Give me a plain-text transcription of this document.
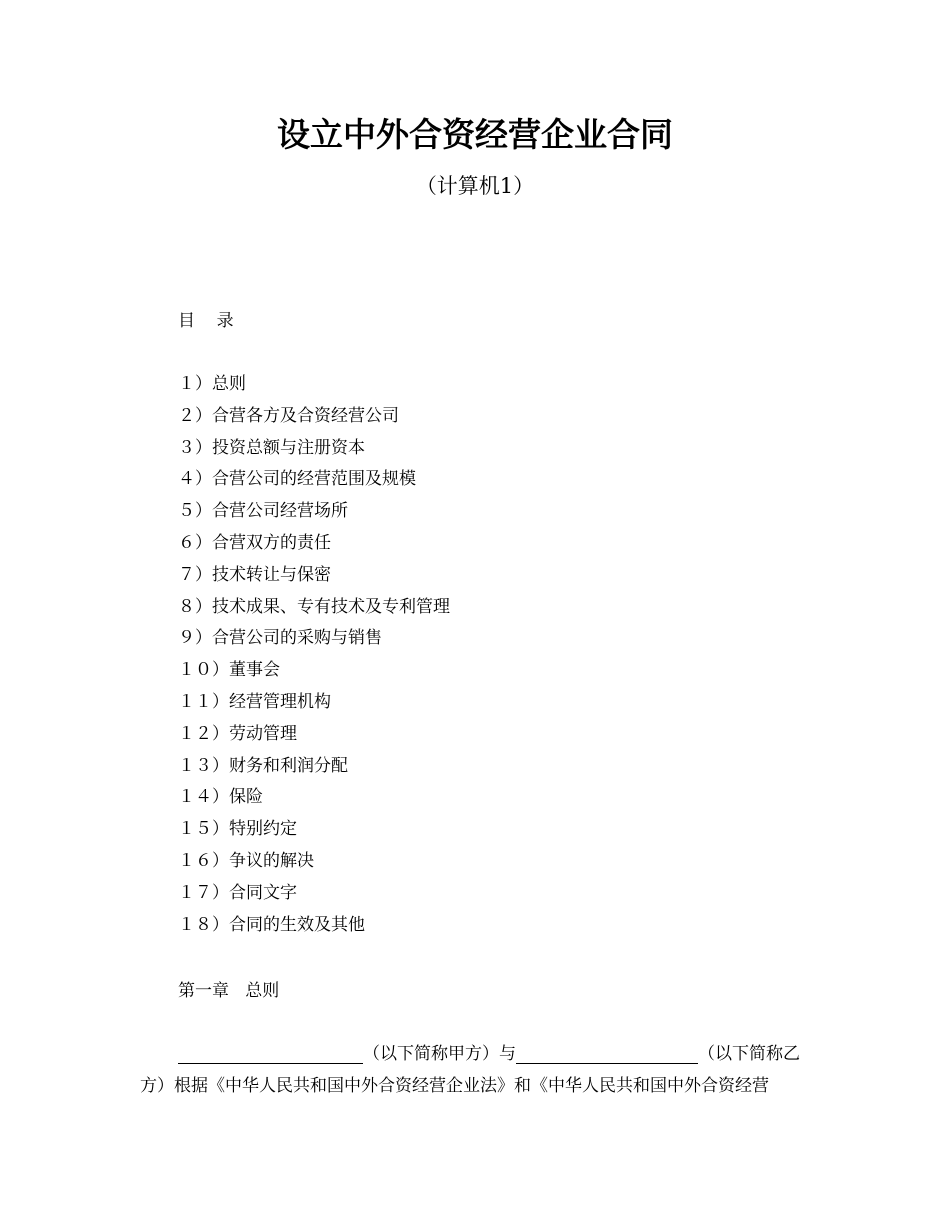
设立中外合资经营企业合同
（计算机1）
目    录
１）总则
２）合营各方及合资经营公司
３）投资总额与注册资本
４）合营公司的经营范围及规模
５）合营公司经营场所
６）合营双方的责任
７）技术转让与保密
８）技术成果、专有技术及专利管理
９）合营公司的采购与销售
１０）董事会
１１）经营管理机构
１２）劳动管理
１３）财务和利润分配
１４）保险
１５）特别约定
１６）争议的解决
１７）合同文字
１８）合同的生效及其他
第一章   总则
（以下简称甲方）与	（以下简称乙
方）根据《中华人民共和国中外合资经营企业法》和《中华人民共和国中外合资经营
